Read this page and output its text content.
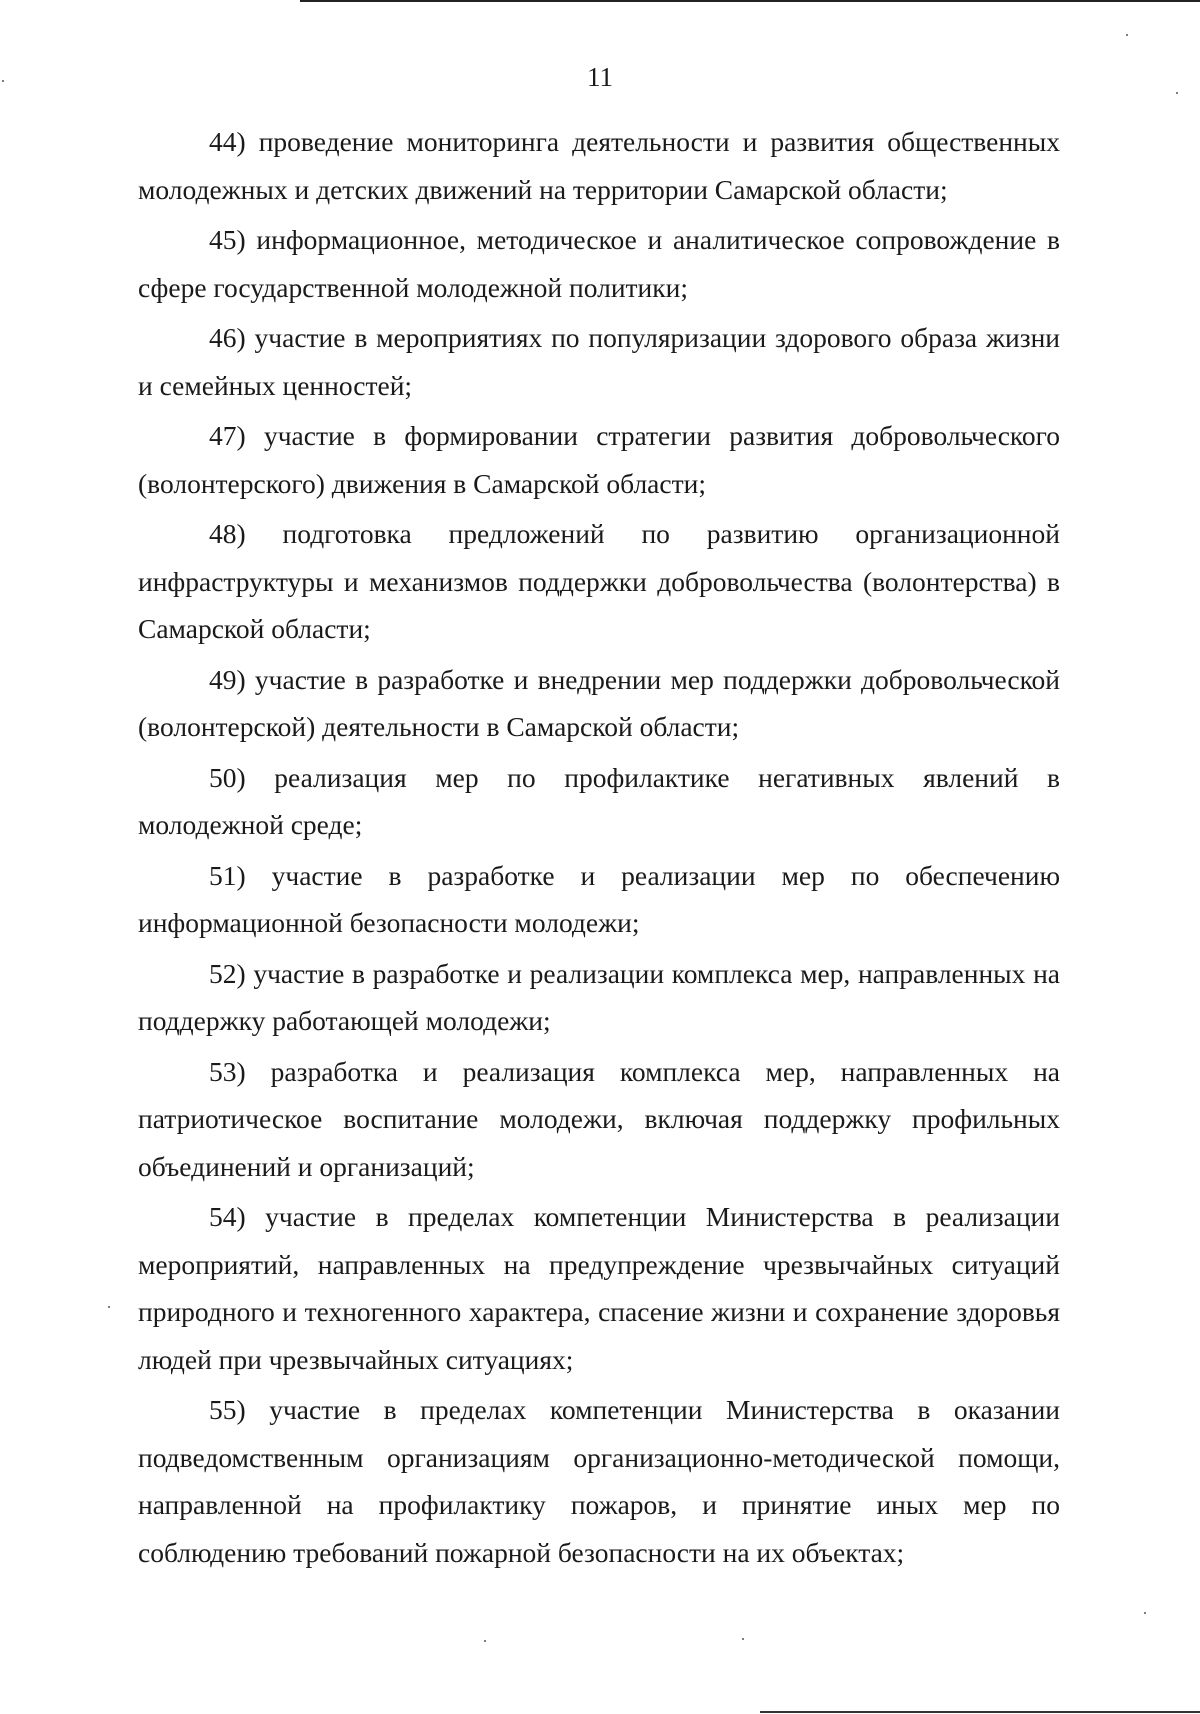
11

44) проведение мониторинга деятельности и развития общественных молодежных и детских движений на территории Самарской области;

45) информационное, методическое и аналитическое сопровождение в сфере государственной молодежной политики;

46) участие в мероприятиях по популяризации здорового образа жизни и семейных ценностей;

47) участие в формировании стратегии развития добровольческого (волонтерского) движения в Самарской области;

48) подготовка предложений по развитию организационной инфраструктуры и механизмов поддержки добровольчества (волонтерства) в Самарской области;

49) участие в разработке и внедрении мер поддержки добровольческой (волонтерской) деятельности в Самарской области;

50) реализация мер по профилактике негативных явлений в молодежной среде;

51) участие в разработке и реализации мер по обеспечению информационной безопасности молодежи;

52) участие в разработке и реализации комплекса мер, направленных на поддержку работающей молодежи;

53) разработка и реализация комплекса мер, направленных на патриотическое воспитание молодежи, включая поддержку профильных объединений и организаций;

54) участие в пределах компетенции Министерства в реализации мероприятий, направленных на предупреждение чрезвычайных ситуаций природного и техногенного характера, спасение жизни и сохранение здоровья людей при чрезвычайных ситуациях;

55) участие в пределах компетенции Министерства в оказании подведомственным организациям организационно-методической помощи, направленной на профилактику пожаров, и принятие иных мер по соблюдению требований пожарной безопасности на их объектах;
